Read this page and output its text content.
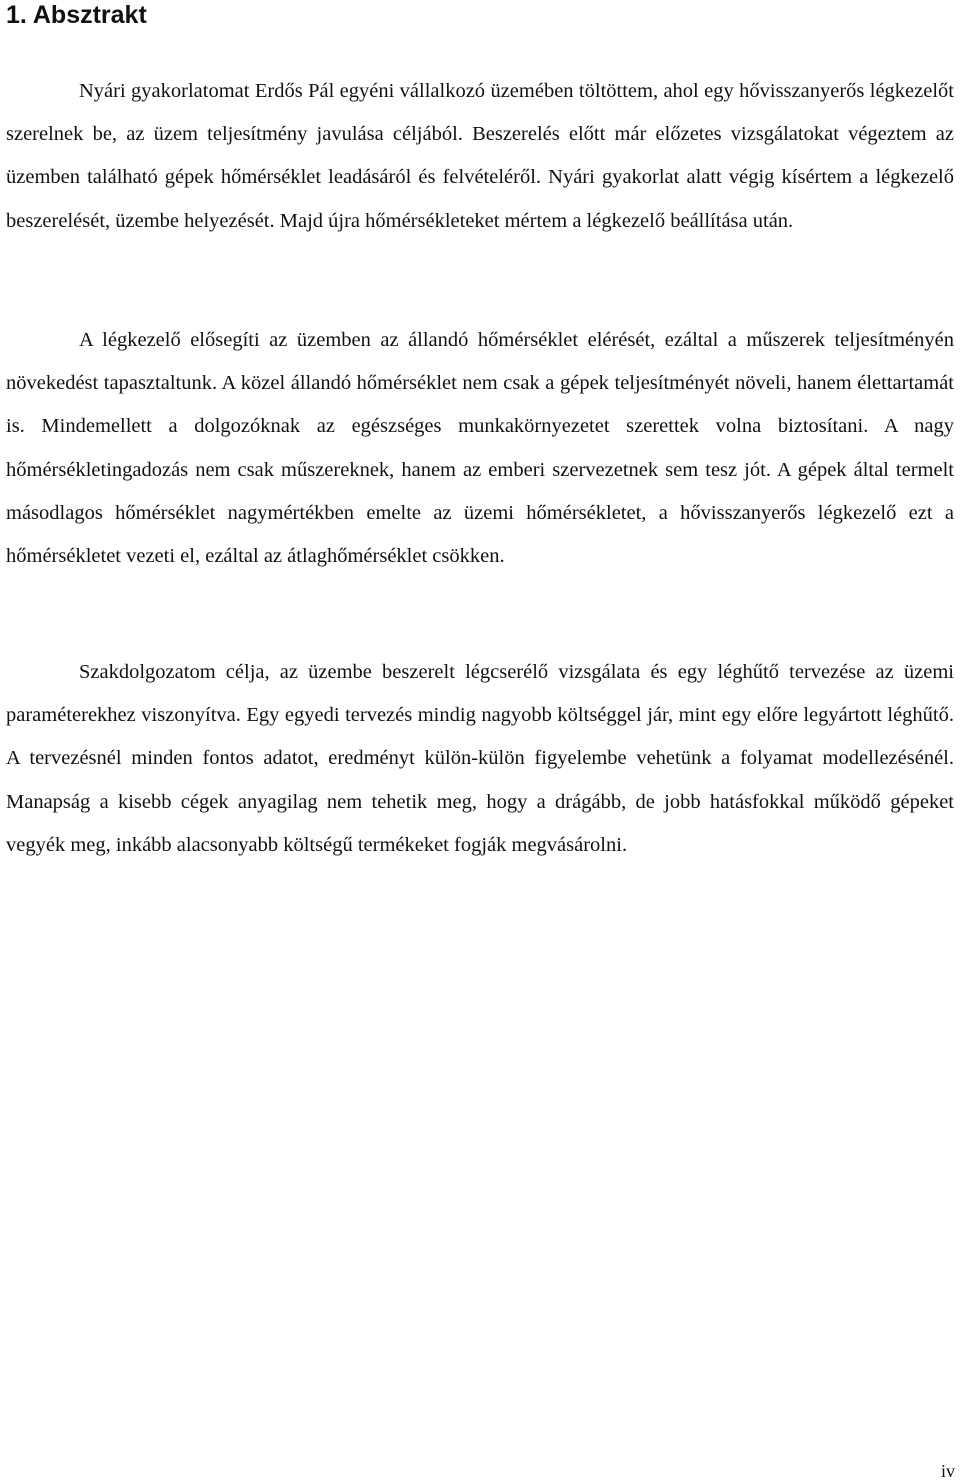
1. Absztrakt

Nyári gyakorlatomat Erdős Pál egyéni vállalkozó üzemében töltöttem, ahol egy hővisszanyerős légkezelőt szerelnek be, az üzem teljesítmény javulása céljából. Beszerelés előtt már előzetes vizsgálatokat végeztem az üzemben található gépek hőmérséklet leadásáról és felvételéről. Nyári gyakorlat alatt végig kísértem a légkezelő beszerelését, üzembe helyezését. Majd újra hőmérsékleteket mértem a légkezelő beállítása után.

A légkezelő elősegíti az üzemben az állandó hőmérséklet elérését, ezáltal a műszerek teljesítményén növekedést tapasztaltunk. A közel állandó hőmérséklet nem csak a gépek teljesítményét növeli, hanem élettartamát is. Mindemellett a dolgozóknak az egészséges munkakörnyezetet szerettek volna biztosítani. A nagy hőmérsékletingadozás nem csak műszereknek, hanem az emberi szervezetnek sem tesz jót. A gépek által termelt másodlagos hőmérséklet nagymértékben emelte az üzemi hőmérsékletet, a hővisszanyerős légkezelő ezt a hőmérsékletet vezeti el, ezáltal az átlaghőmérséklet csökken.

Szakdolgozatom célja, az üzembe beszerelt légcserélő vizsgálata és egy léghűtő tervezése az üzemi paraméterekhez viszonyítva. Egy egyedi tervezés mindig nagyobb költséggel jár, mint egy előre legyártott léghűtő. A tervezésnél minden fontos adatot, eredményt külön-külön figyelembe vehetünk a folyamat modellezésénél. Manapság a kisebb cégek anyagilag nem tehetik meg, hogy a drágább, de jobb hatásfokkal működő gépeket vegyék meg, inkább alacsonyabb költségű termékeket fogják megvásárolni.

iv
